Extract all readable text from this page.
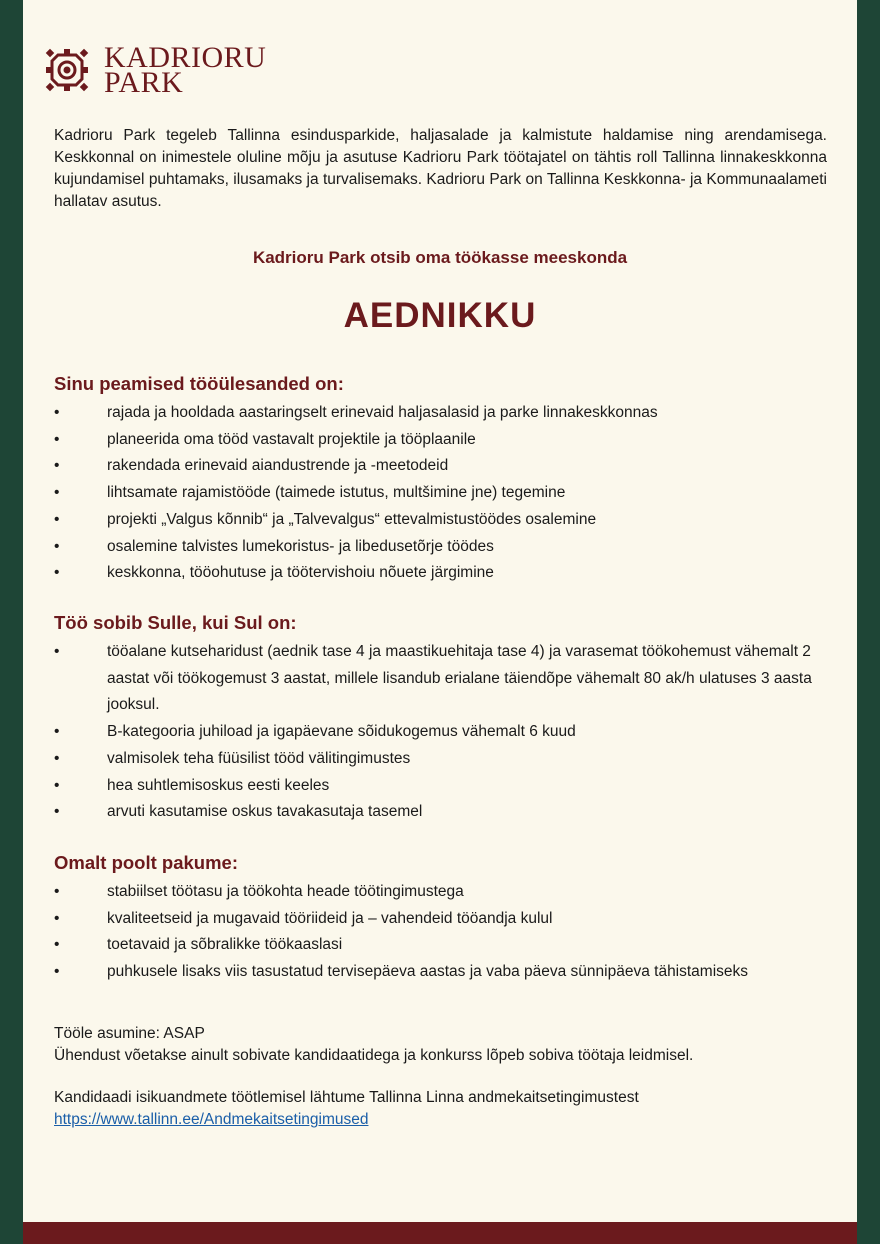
KADRIORU
PARK
Kadrioru Park tegeleb Tallinna esindusparkide, haljasalade ja kalmistute haldamise ning arendamisega. Keskkonnal on inimestele oluline mõju ja asutuse Kadrioru Park töötajatel on tähtis roll Tallinna linnakeskkonna kujundamisel puhtamaks, ilusamaks ja turvalisemaks. Kadrioru Park on Tallinna Keskkonna- ja Kommunaalameti hallatav asutus.
Kadrioru Park otsib oma töökasse meeskonda
AEDNIKKU
Sinu peamised tööülesanded on:
• rajada ja hooldada aastaringselt erinevaid haljasalasid ja parke linnakeskkonnas
• planeerida oma tööd vastavalt projektile ja tööplaanile
• rakendada erinevaid aiandustrende ja -meetodeid
• lihtsamate rajamistööde (taimede istutus, multšimine jne) tegemine
• projekti „Valgus kõnnib“ ja „Talvevalgus“ ettevalmistustöödes osalemine
• osalemine talvistes lumekoristus- ja libedusetõrje töödes
• keskkonna, tööohutuse ja töötervishoiu nõuete järgimine
Töö sobib Sulle, kui Sul on:
• tööalane kutseharidust (aednik tase 4 ja maastikuehitaja tase 4) ja varasemat töökohemust vähemalt 2 aastat või töökogemust 3 aastat, millele lisandub erialane täiendõpe vähemalt 80 ak/h ulatuses 3 aasta jooksul.
• B-kategooria juhiload ja igapäevane sõidukogemus vähemalt 6 kuud
• valmisolek teha füüsilist tööd välitingimustes
• hea suhtlemisoskus eesti keeles
• arvuti kasutamise oskus tavakasutaja tasemel
Omalt poolt pakume:
• stabiilset töötasu ja töökohta heade töötingimustega
• kvaliteetseid ja mugavaid tööriideid ja – vahendeid tööandja kulul
• toetavaid ja sõbralikke töökaaslasi
• puhkusele lisaks viis tasustatud tervisepäeva aastas ja vaba päeva sünnipäeva tähistamiseks
Tööle asumine: ASAP
Ühendust võetakse ainult sobivate kandidaatidega ja konkurss lõpeb sobiva töötaja leidmisel.
Kandidaadi isikuandmete töötlemisel lähtume Tallinna Linna andmekaitsetingimustest
https://www.tallinn.ee/Andmekaitsetingimused
